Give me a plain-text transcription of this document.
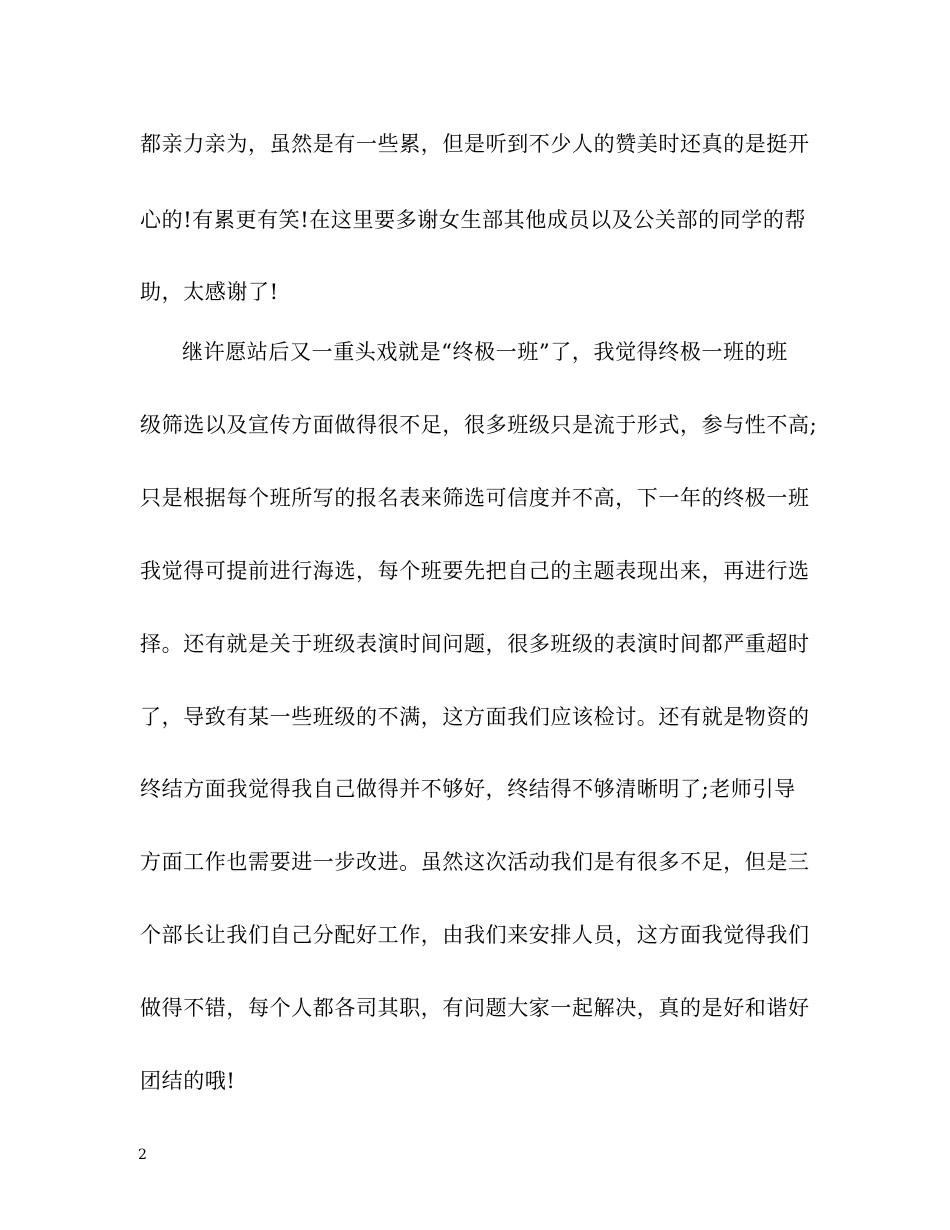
都亲力亲为，虽然是有一些累，但是听到不少人的赞美时还真的是挺开
心的!有累更有笑!在这里要多谢女生部其他成员以及公关部的同学的帮
助，太感谢了!
继许愿站后又一重头戏就是“终极一班”了，我觉得终极一班的班
级筛选以及宣传方面做得很不足，很多班级只是流于形式，参与性不高;
只是根据每个班所写的报名表来筛选可信度并不高，下一年的终极一班
我觉得可提前进行海选，每个班要先把自己的主题表现出来，再进行选
择。还有就是关于班级表演时间问题，很多班级的表演时间都严重超时
了，导致有某一些班级的不满，这方面我们应该检讨。还有就是物资的
终结方面我觉得我自己做得并不够好，终结得不够清晰明了;老师引导
方面工作也需要进一步改进。虽然这次活动我们是有很多不足，但是三
个部长让我们自己分配好工作，由我们来安排人员，这方面我觉得我们
做得不错，每个人都各司其职，有问题大家一起解决，真的是好和谐好
团结的哦!
2
